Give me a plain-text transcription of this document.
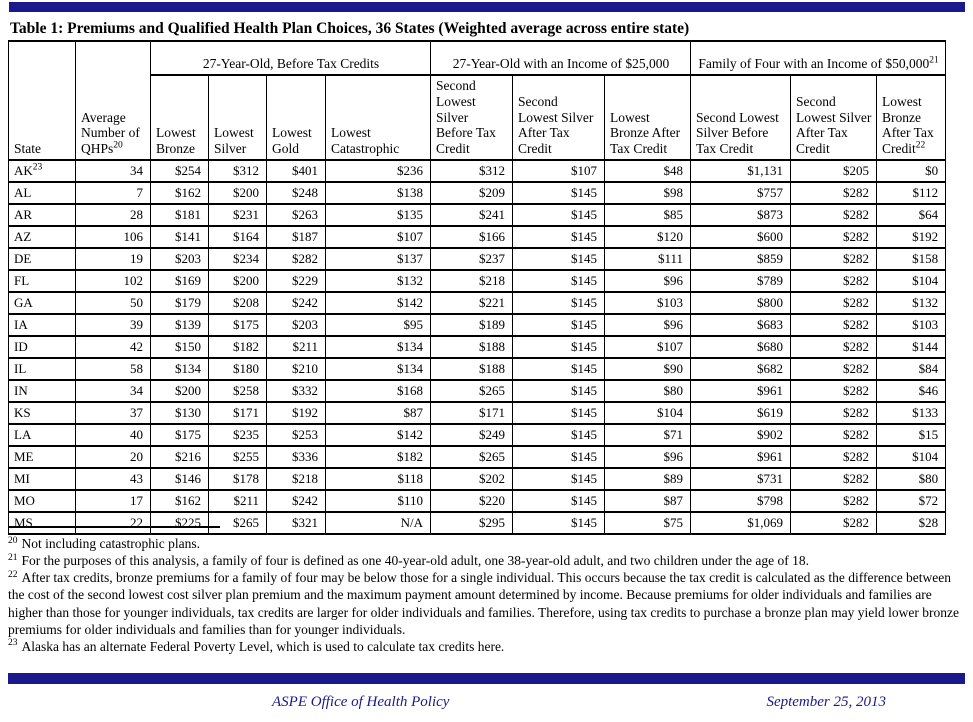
Table 1: Premiums and Qualified Health Plan Choices, 36 States (Weighted average across entire state)
State	Average Number of QHPs$^{20}$	27-Year-Old, Before Tax Credits				27-Year-Old with an Income of $25,000			Family of Four with an Income of $50,000$^{21}$
		Lowest Bronze	Lowest Silver	Lowest Gold	Lowest Catastrophic	Second Lowest Silver Before Tax Credit	Second Lowest Silver After Tax Credit	Lowest Bronze After Tax Credit	Second Lowest Silver Before Tax Credit	Second Lowest Silver After Tax Credit	Lowest Bronze After Tax Credit$^{22}$
AK$^{23}$	34	$254	$312	$401	$236	$312	$107	$48	$1,131	$205	$0
AL	7	$162	$200	$248	$138	$209	$145	$98	$757	$282	$112
AR	28	$181	$231	$263	$135	$241	$145	$85	$873	$282	$64
AZ	106	$141	$164	$187	$107	$166	$145	$120	$600	$282	$192
DE	19	$203	$234	$282	$137	$237	$145	$111	$859	$282	$158
FL	102	$169	$200	$229	$132	$218	$145	$96	$789	$282	$104
GA	50	$179	$208	$242	$142	$221	$145	$103	$800	$282	$132
IA	39	$139	$175	$203	$95	$189	$145	$96	$683	$282	$103
ID	42	$150	$182	$211	$134	$188	$145	$107	$680	$282	$144
IL	58	$134	$180	$210	$134	$188	$145	$90	$682	$282	$84
IN	34	$200	$258	$332	$168	$265	$145	$80	$961	$282	$46
KS	37	$130	$171	$192	$87	$171	$145	$104	$619	$282	$133
LA	40	$175	$235	$253	$142	$249	$145	$71	$902	$282	$15
ME	20	$216	$255	$336	$182	$265	$145	$96	$961	$282	$104
MI	43	$146	$178	$218	$118	$202	$145	$89	$731	$282	$80
MO	17	$162	$211	$242	$110	$220	$145	$87	$798	$282	$72
MS	22	$225	$265	$321	N/A	$295	$145	$75	$1,069	$282	$28
$^{20}$ Not including catastrophic plans.
$^{21}$ For the purposes of this analysis, a family of four is defined as one 40-year-old adult, one 38-year-old adult, and two children under the age of 18.
$^{22}$ After tax credits, bronze premiums for a family of four may be below those for a single individual. This occurs because the tax credit is calculated as the difference between the cost of the second lowest cost silver plan premium and the maximum payment amount determined by income. Because premiums for older individuals and families are higher than those for younger individuals, tax credits are larger for older individuals and families. Therefore, using tax credits to purchase a bronze plan may yield lower bronze premiums for older individuals and families than for younger individuals.
$^{23}$ Alaska has an alternate Federal Poverty Level, which is used to calculate tax credits here.
ASPE Office of Health Policy	September 25, 2013
